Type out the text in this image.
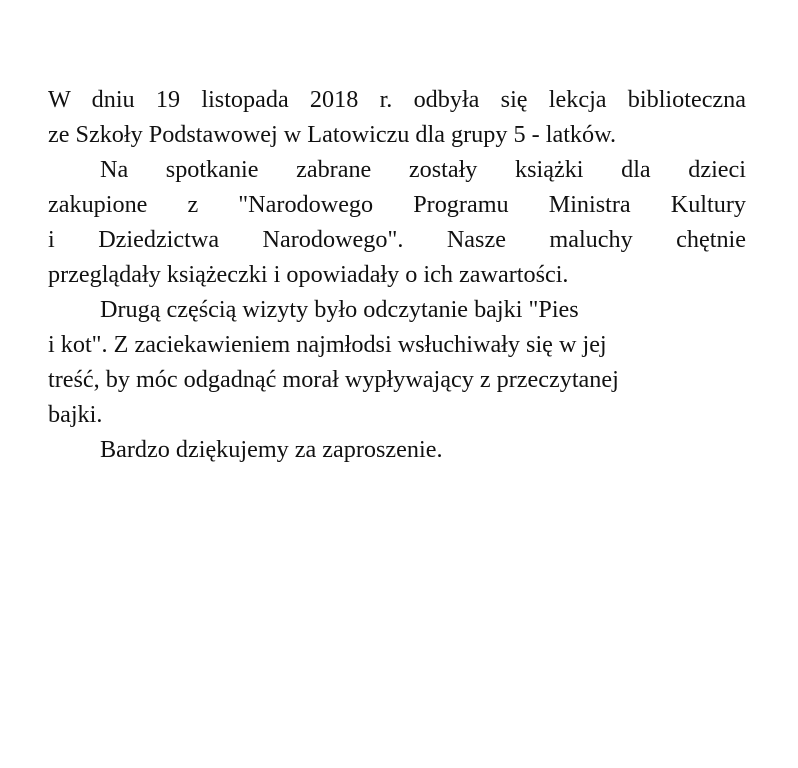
W dniu 19 listopada 2018 r. odbyła się lekcja biblioteczna
ze Szkoły Podstawowej w Latowiczu dla grupy 5 - latków.
Na spotkanie zabrane zostały książki dla dzieci
zakupione z "Narodowego Programu Ministra Kultury
i Dziedzictwa Narodowego". Nasze maluchy chętnie
przeglądały książeczki i opowiadały o ich zawartości.
Drugą częścią wizyty było odczytanie bajki "Pies
i kot". Z zaciekawieniem najmłodsi wsłuchiwały się w jej
treść, by móc odgadnąć morał wypływający z przeczytanej
bajki.
Bardzo dziękujemy za zaproszenie.
